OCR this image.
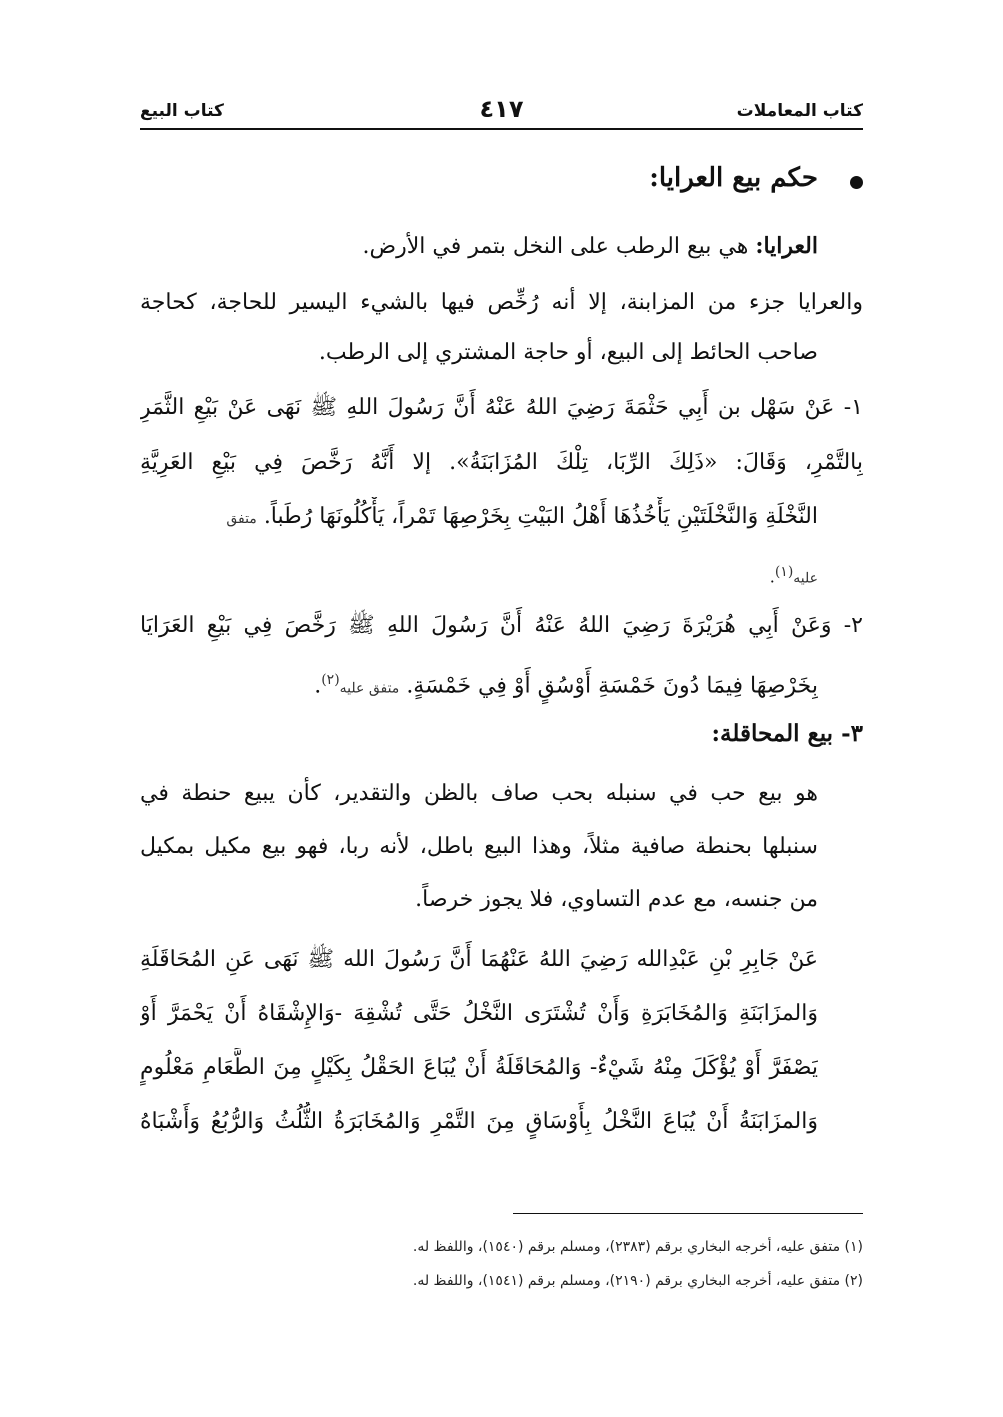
كتاب المعاملات
٤١٧
كتاب البيع
حكم بيع العرايا:
العرايا: هي بيع الرطب على النخل بتمر في الأرض.
والعرايا جزء من المزابنة، إلا أنه رُخِّص فيها بالشيء اليسير للحاجة، كحاجة
صاحب الحائط إلى البيع، أو حاجة المشتري إلى الرطب.
١- عَنْ سَهْل بن أَبِي حَثْمَةَ رَضِيَ اللهُ عَنْهُ أَنَّ رَسُولَ اللهِ ﷺ نَهَى عَنْ بَيْعِ الثَّمَرِ
بِالتَّمْرِ، وَقَالَ: «ذَلِكَ الرِّبَا، تِلْكَ المُزَابَنَةُ». إلا أَنَّهُ رَخَّصَ فِي بَيْعِ العَرِيَّةِ
النَّخْلَةِ وَالنَّخْلَتَيْنِ يَأْخُذُهَا أَهْلُ البَيْتِ بِخَرْصِهَا تَمْراً، يَأْكُلُونَهَا رُطَباً. متفق
عليه$^{(١)}$.
٢- وَعَنْ أَبِي هُرَيْرَةَ رَضِيَ اللهُ عَنْهُ أَنَّ رَسُولَ اللهِ ﷺ رَخَّصَ فِي بَيْعِ العَرَايَا
بِخَرْصِهَا فِيمَا دُونَ خَمْسَةِ أَوْسُقٍ أَوْ فِي خَمْسَةٍ. متفق عليه$^{(٢)}$.
٣- بيع المحاقلة:
هو بيع حب في سنبله بحب صاف بالظن والتقدير، كأن يبيع حنطة في
سنبلها بحنطة صافية مثلاً، وهذا البيع باطل، لأنه ربا، فهو بيع مكيل بمكيل
من جنسه، مع عدم التساوي، فلا يجوز خرصاً.
عَنْ جَابِرِ بْنِ عَبْدِالله رَضِيَ اللهُ عَنْهُمَا أَنَّ رَسُولَ الله ﷺ نَهَى عَنِ المُحَاقَلَةِ
وَالمزَابَنَةِ وَالمُخَابَرَةِ وَأَنْ تُشْتَرَى النَّخْلُ حَتَّى تُشْقِهَ -وَالإِشْقَاهُ أَنْ يَحْمَرَّ أَوْ
يَصْفَرَّ أَوْ يُؤْكَلَ مِنْهُ شَيْءٌ- وَالمُحَاقَلَةُ أَنْ يُبَاعَ الحَقْلُ بِكَيْلٍ مِنَ الطَّعَامِ مَعْلُومٍ
وَالمزَابَنَةُ أَنْ يُبَاعَ النَّخْلُ بِأَوْسَاقٍ مِنَ التَّمْرِ وَالمُخَابَرَةُ الثُّلُثُ وَالرُّبُعُ وَأَشْبَاهُ
(١) متفق عليه، أخرجه البخاري برقم (٢٣٨٣)، ومسلم برقم (١٥٤٠)، واللفظ له.
(٢) متفق عليه، أخرجه البخاري برقم (٢١٩٠)، ومسلم برقم (١٥٤١)، واللفظ له.
